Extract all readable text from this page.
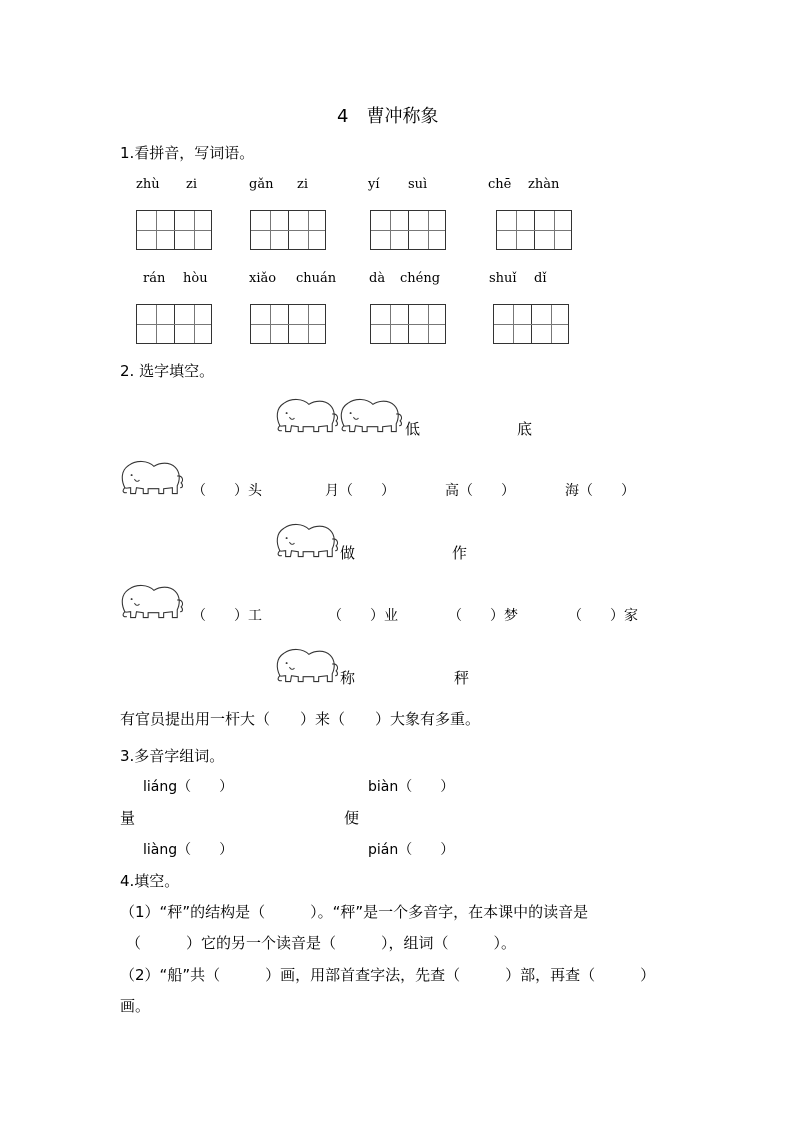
4　曹冲称象
1.看拼音，写词语。
zhù zi	gǎn zi	yí suì	chē zhàn
rán hòu	xiǎo chuán	dà chéng	shuǐ dǐ
2. 选字填空。
低	底
（　　）头	月（　　）	高（　　）	海（　　）
做	作
（　　）工	（　　）业	（　　）梦	（　　）家
称	秤
有官员提出用一杆大（　　）来（　　）大象有多重。
3.多音字组词。
liáng（　　）	biàn（　　）
量	便
liàng（　　）	pián（　　）
4.填空。
（1）“秤”的结构是（　　　）。“秤”是一个多音字，在本课中的读音是
（　　　）它的另一个读音是（　　　），组词（　　　）。
（2）“船”共（　　　）画，用部首查字法，先查（　　　）部，再查（　　　）
画。
